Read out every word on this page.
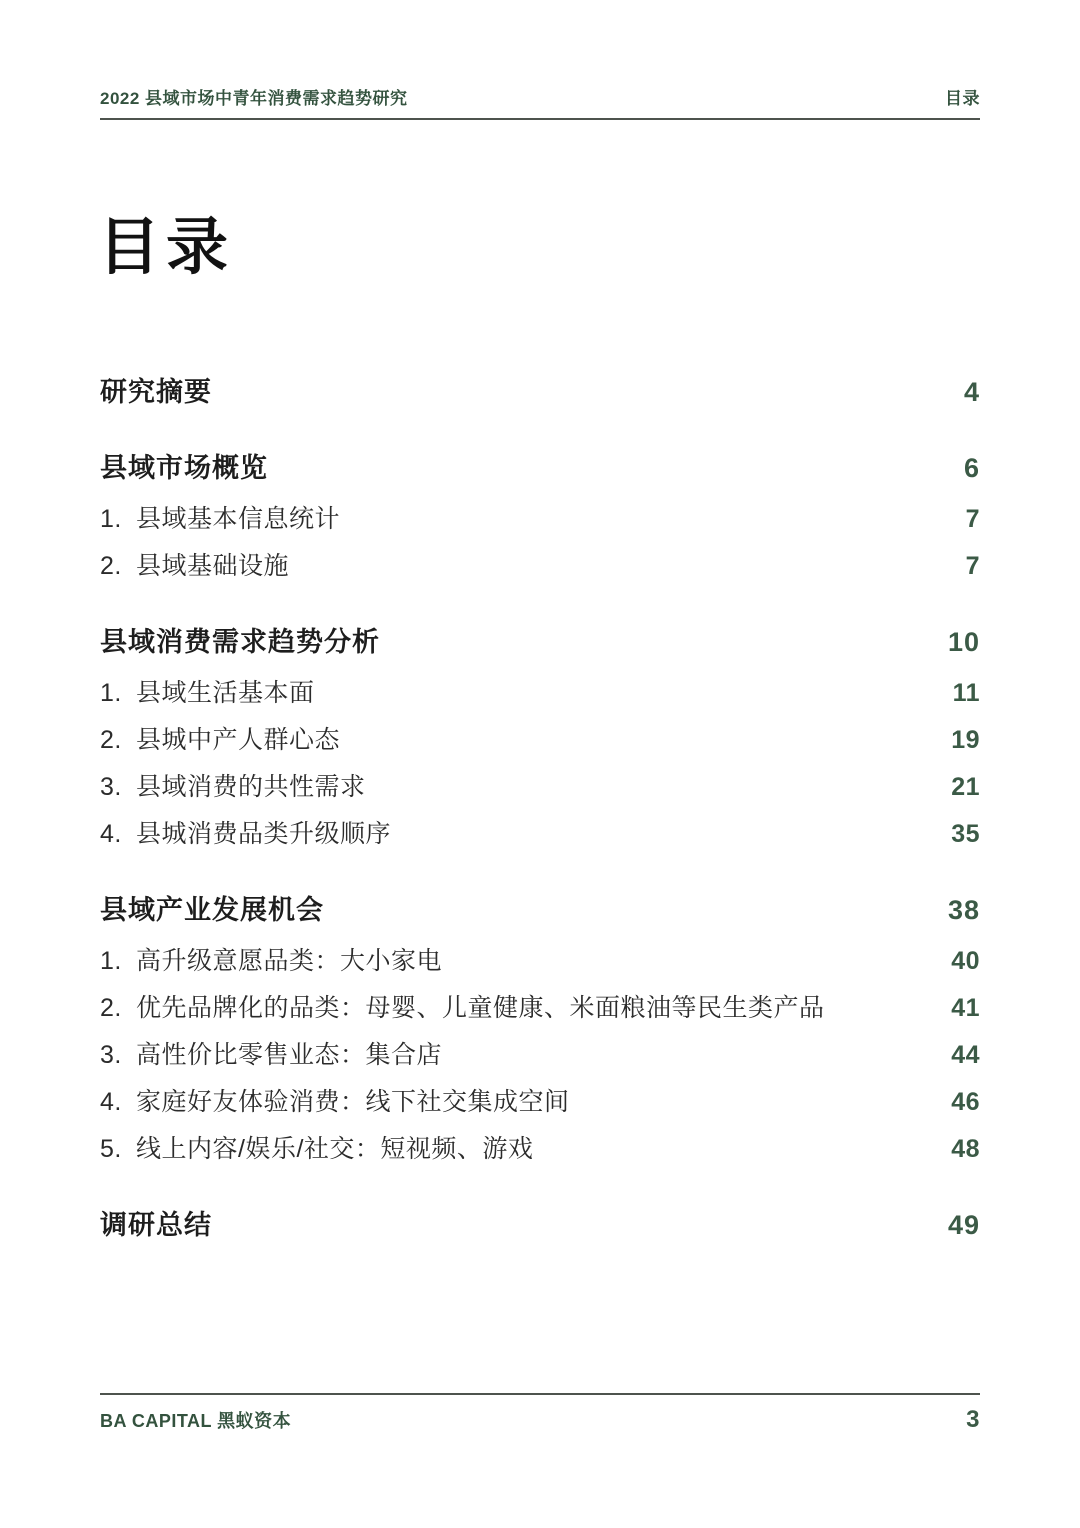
2022 县域市场中青年消费需求趋势研究	目录
目录
研究摘要	4
县域市场概览	6
1. 县域基本信息统计	7
2. 县域基础设施	7
县域消费需求趋势分析	10
1. 县域生活基本面	11
2. 县城中产人群心态	19
3. 县域消费的共性需求	21
4. 县城消费品类升级顺序	35
县域产业发展机会	38
1. 高升级意愿品类：大小家电	40
2. 优先品牌化的品类：母婴、儿童健康、米面粮油等民生类产品	41
3. 高性价比零售业态：集合店	44
4. 家庭好友体验消费：线下社交集成空间	46
5. 线上内容/娱乐/社交：短视频、游戏	48
调研总结	49
BA CAPITAL 黑蚁资本	3
